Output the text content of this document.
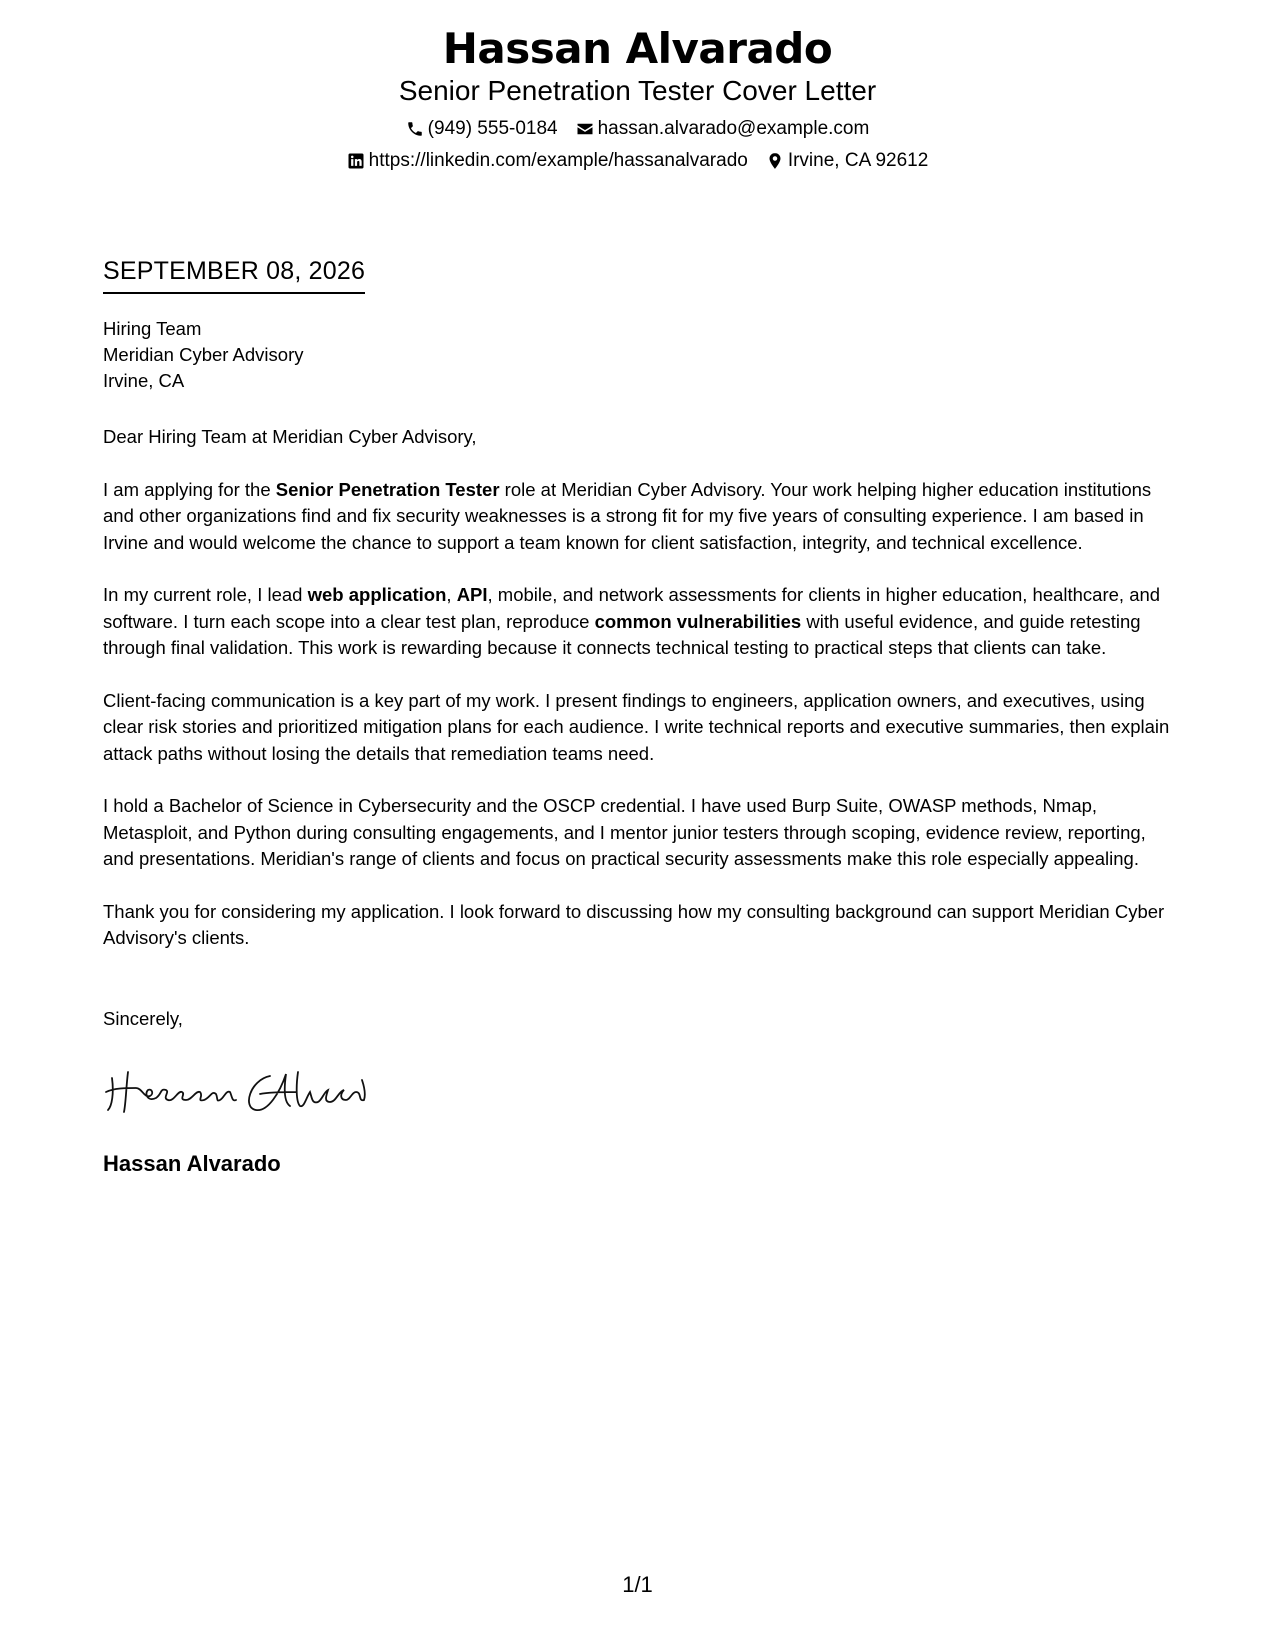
Hassan Alvarado
Senior Penetration Tester Cover Letter
(949) 555-0184 hassan.alvarado@example.com
https://linkedin.com/example/hassanalvarado Irvine, CA 92612
SEPTEMBER 08, 2026
Hiring Team
Meridian Cyber Advisory
Irvine, CA

Dear Hiring Team at Meridian Cyber Advisory,

I am applying for the Senior Penetration Tester role at Meridian Cyber Advisory. Your work helping higher education institutions and other organizations find and fix security weaknesses is a strong fit for my five years of consulting experience. I am based in Irvine and would welcome the chance to support a team known for client satisfaction, integrity, and technical excellence.

In my current role, I lead web application, API, mobile, and network assessments for clients in higher education, healthcare, and software. I turn each scope into a clear test plan, reproduce common vulnerabilities with useful evidence, and guide retesting through final validation. This work is rewarding because it connects technical testing to practical steps that clients can take.

Client-facing communication is a key part of my work. I present findings to engineers, application owners, and executives, using clear risk stories and prioritized mitigation plans for each audience. I write technical reports and executive summaries, then explain attack paths without losing the details that remediation teams need.

I hold a Bachelor of Science in Cybersecurity and the OSCP credential. I have used Burp Suite, OWASP methods, Nmap, Metasploit, and Python during consulting engagements, and I mentor junior testers through scoping, evidence review, reporting, and presentations. Meridian's range of clients and focus on practical security assessments make this role especially appealing.

Thank you for considering my application. I look forward to discussing how my consulting background can support Meridian Cyber Advisory's clients.

Sincerely,
Hassan Alvarado
1/1
